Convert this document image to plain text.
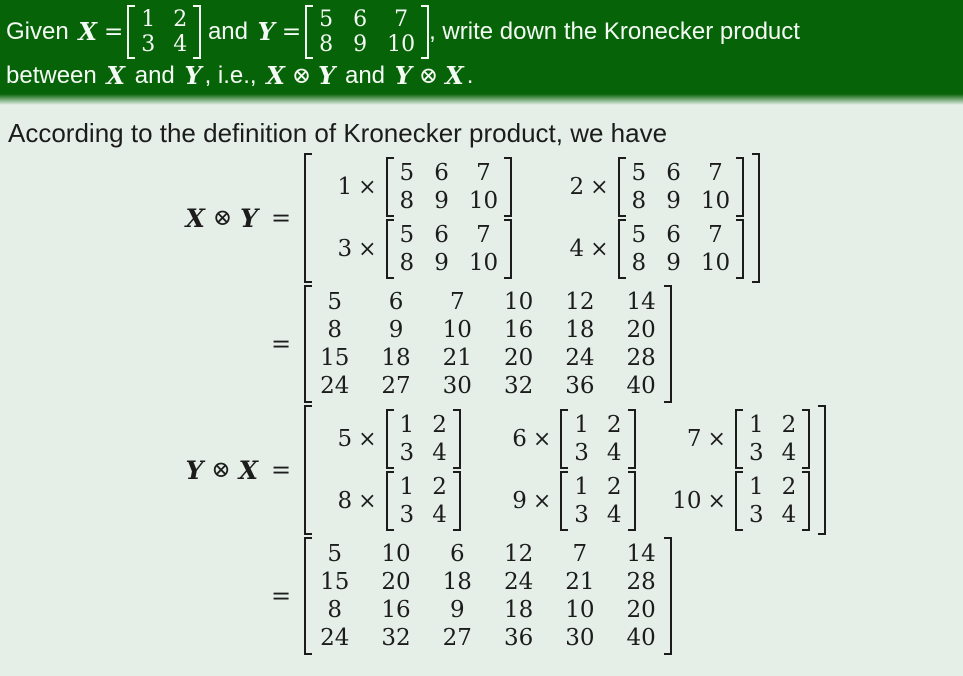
Given
X = 1 2
3 4
and
Y = 5 6 7
8 9 10 , write down the Kronecker product
between
X
and
Y , i.e., X ⊗ Y
and
Y ⊗ X .
According to the definition of Kronecker product, we have
X ⊗ Y =
1 ×
5 6 7
8 9 10
2 ×
5 6 7
8 9 10
3 ×
5 6 7
8 9 10
4 ×
5 6 7
8 9 10
=
5 6 7 10 12 14
8 9 10 16 18 20
15 18 21 20 24 28
24 27 30 32 36 40
Y ⊗ X =
5 ×
1 2
3 4
6 ×
1 2
3 4
7 ×
1 2
3 4
8 ×
1 2
3 4
9 ×
1 2
3 4
10 ×
1 2
3 4
=
5 10 6 12 7 14
15 20 18 24 21 28
8 16 9 18 10 20
24 32 27 36 30 40
